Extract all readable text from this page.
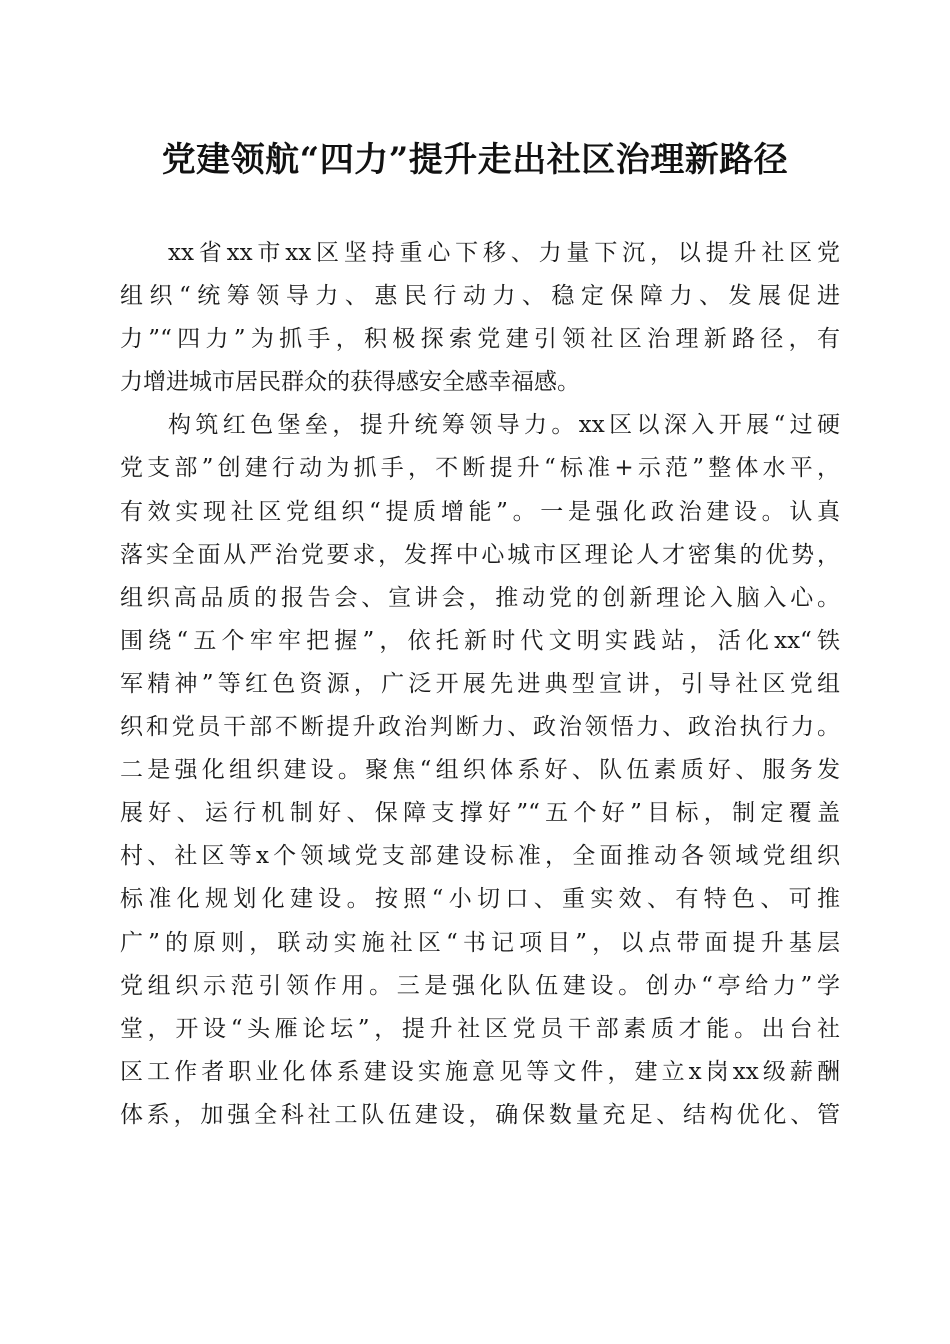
党建领航“四力”提升走出社区治理新路径
xx省xx市xx区坚持重心下移、力量下沉，以提升社区党
组织“统筹领导力、惠民行动力、稳定保障力、发展促进
力”“四力”为抓手，积极探索党建引领社区治理新路径，有
力增进城市居民群众的获得感安全感幸福感。
构筑红色堡垒，提升统筹领导力。xx区以深入开展“过硬
党支部”创建行动为抓手，不断提升“标准+示范”整体水平，
有效实现社区党组织“提质增能”。一是强化政治建设。认真
落实全面从严治党要求，发挥中心城市区理论人才密集的优势，
组织高品质的报告会、宣讲会，推动党的创新理论入脑入心。
围绕“五个牢牢把握”，依托新时代文明实践站，活化xx“铁
军精神”等红色资源，广泛开展先进典型宣讲，引导社区党组
织和党员干部不断提升政治判断力、政治领悟力、政治执行力。
二是强化组织建设。聚焦“组织体系好、队伍素质好、服务发
展好、运行机制好、保障支撑好”“五个好”目标，制定覆盖
村、社区等x个领域党支部建设标准，全面推动各领域党组织
标准化规划化建设。按照“小切口、重实效、有特色、可推
广”的原则，联动实施社区“书记项目”，以点带面提升基层
党组织示范引领作用。三是强化队伍建设。创办“亭给力”学
堂，开设“头雁论坛”，提升社区党员干部素质才能。出台社
区工作者职业化体系建设实施意见等文件，建立x岗xx级薪酬
体系，加强全科社工队伍建设，确保数量充足、结构优化、管
